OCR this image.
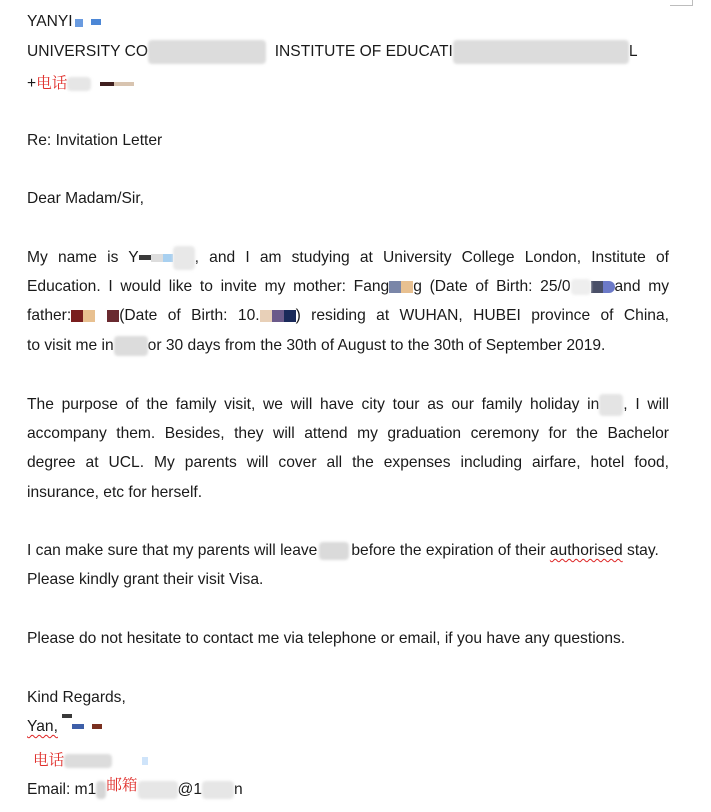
YANYI
UNIVERSITY CO	INSTITUTE OF EDUCATI	L
+电话
Re: Invitation Letter
Dear Madam/Sir,
My name is Y	, and I am studying at University College London, Institute of
Education. I would like to invite my mother: Fang g (Date of Birth: 25/0	and my
father:	(Date of Birth: 10. ) residing at WUHAN, HUBEI province of China,
to visit me in or 30 days from the 30th of August to the 30th of September 2019.
The purpose of the family visit, we will have city tour as our family holiday in , I will
accompany them. Besides, they will attend my graduation ceremony for the Bachelor
degree at UCL. My parents will cover all the expenses including airfare, hotel food,
insurance, etc for herself.
I can make sure that my parents will leave before the expiration of their authorised stay.
Please kindly grant their visit Visa.
Please do not hesitate to contact me via telephone or email, if you have any questions.
Kind Regards,
Yan,
电话
Email: m1 邮箱	@1 n
